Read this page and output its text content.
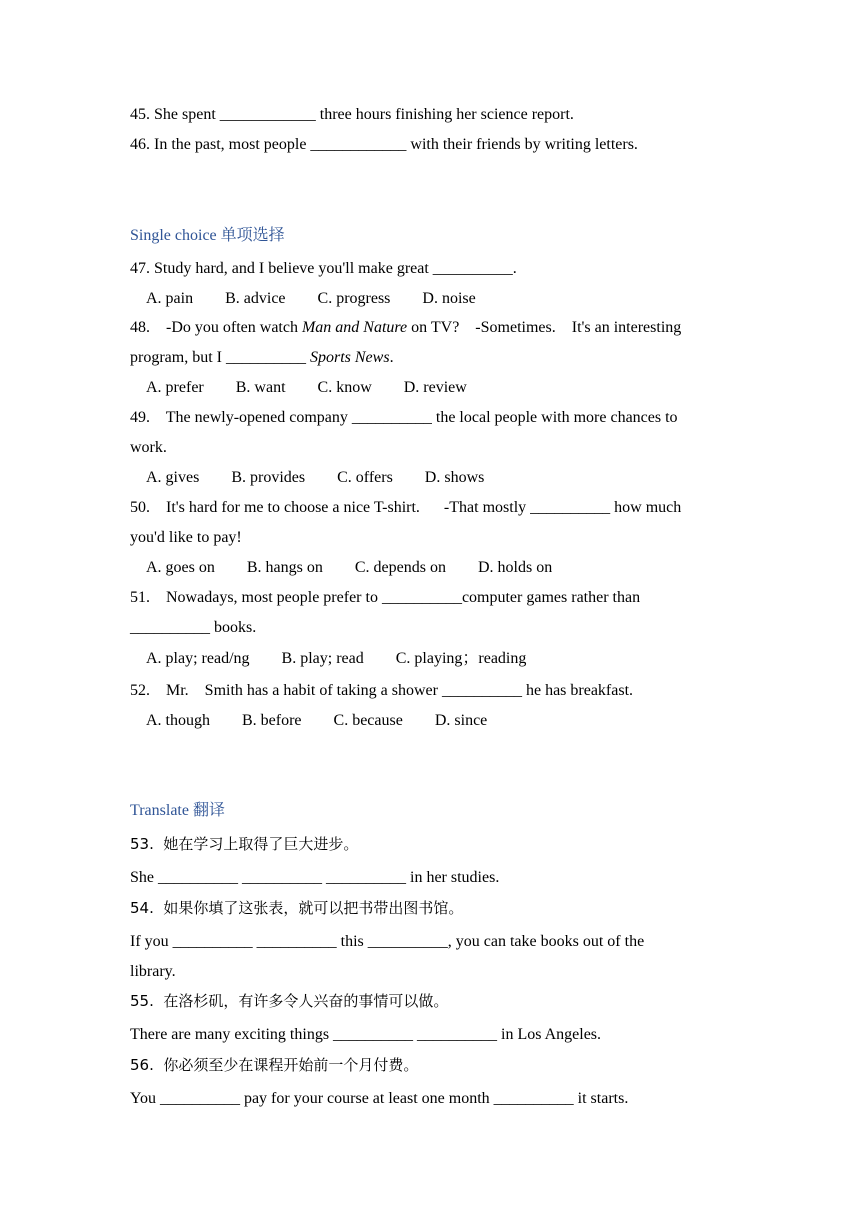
45. She spent ____________ three hours finishing her science report.
46. In the past, most people ____________ with their friends by writing letters.
Single choice 单项选择
47. Study hard, and I believe you'll make great __________.
A. pain        B. advice        C. progress        D. noise
48.    -Do you often watch Man and Nature on TV?    -Sometimes.    It's an interesting
program, but I __________ Sports News.
A. prefer        B. want        C. know        D. review
49.    The newly-opened company __________ the local people with more chances to
work.
A. gives        B. provides        C. offers        D. shows
50.    It's hard for me to choose a nice T-shirt.      -That mostly __________ how much
you'd like to pay!
A. goes on        B. hangs on        C. depends on        D. holds on
51.    Nowadays, most people prefer to __________computer games rather than
__________ books.
A. play; read/ng        B. play; read        C. playing；reading
52.    Mr.    Smith has a habit of taking a shower __________ he has breakfast.
A. though        B. before        C. because        D. since
Translate 翻译
53.  她在学习上取得了巨大进步。
She __________ __________ __________ in her studies.
54.  如果你填了这张表，就可以把书带出图书馆。
If you __________ __________ this __________, you can take books out of the
library.
55.  在洛杉矶，有许多令人兴奋的事情可以做。
There are many exciting things __________ __________ in Los Angeles.
56.  你必须至少在课程开始前一个月付费。
You __________ pay for your course at least one month __________ it starts.
